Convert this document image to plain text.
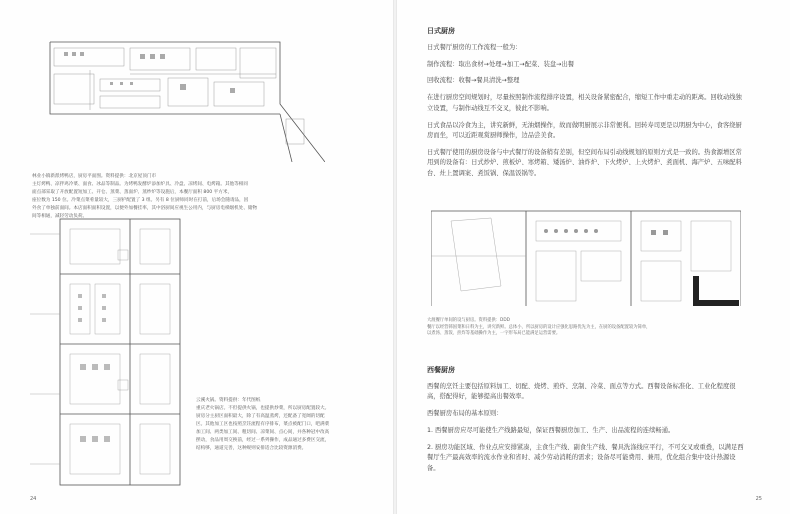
林业小镇新派烤鸭店，厨房平面图。资料提供：北京屋顶门市
主灯烤鸭、凉拌鸡冷菜、面食、冰品等制品。为烤鸭发酵炉添加炉具、冷盘、凉烤间、电烤箱。其他等相同
面点部采取了开放配置短加工、开仓、蒸菜、蒸面炉、蒸纱炉等设施后，本餐厅面积 800 平方米，
座位数为 150 位。冷菜点菜肴量较大，三厨护配置了 3 组。另有 8 位厨师同时在打前，后场会随请品，因
外食了单独前面间。本店面积面积设置，以便外加餐挂率，其中浴厨间应视生公用内，与厨房电梯烟机处、储物
间等相通，减轻劳动负荷。
云溪火锅。资料提供：年代图纸
重庆老火锅店。不但提供火锅，也提供炒菜，所以厨房配置较大。
厨房分主厨区面积最大，除了有高温蒸烤，还配备了宽阔的切配
区。其他加工区也按照烹饪流程有序排布，菜点被配门口，吧满菜
加工间、两类加工间、粗切间、凉菜间、点心间，并各种冠中改高
摆动，食品用周交换前，经过一系列操作，成品通过多费区交流，
结构够，通道完善，这种规则安排适合比较资源消费。
24

日式厨房

日式餐厅厨房的工作流程一般为：

制作流程：取出食材→处理→加工→配菜、装盘→出餐

回收流程：收餐→餐具清洗→整理

在进行厨房空间规划时，尽量按照制作流程排序设置，相关设备紧密配合，缩短工作中重走动的距离。回收动线独立设置，与制作动线互不交叉，彼此不影响。

日式食品以冷食为主，讲究新鲜，无油烟操作，故而做明厨展示非常便利。回转寿司更是以明厨为中心，食客绕厨房而坐，可以近距观赏厨师操作，边品尝美食。

日式餐厅使用的厨房设备与中式餐厅的设备稍有差别，但空间布局引动线规划的原则方式是一致的。热食源增区常用到的设备有：日式炒炉、煎板炉、寒烤箱、矮汤炉、油炸炉、下火烤炉、上火烤炉、煮面机、海产炉、五味配料台、灶上置调案、煮饭锅、保温饭锅等。

大渡餐厅单间的设与厨房。资料提供：DDD
餐厅以经营韩国菜和日料为主，讲究新鲜。总体小，所以厨房的设计应强化思路优先为主，在厨的设备配置较为简单，
以煮汤、蒸饭、煎炸等基础操作为主，一字形布局已能满足运营需要。

西餐厨房

西餐的烹饪主要包括原料加工、切配、烧烤、煎炸、烹制、冷菜、面点等方式。西餐设备标准化、工业化程度很高，搭配得好，能够提高出餐效率。

西餐厨房布局的基本原则：

1. 西餐厨房应尽可能使生产线路最短，保证西餐厨房加工、生产、出品流程的连续畅通。

2. 厨房功能区域、作业点应安排紧凑，主食生产线、副食生产线、餐具洗涤线应平行，不可交叉或重叠，以满足西餐厅生产最高效率的流水作业和省时、减少劳动消耗的需求；设备尽可能费用、兼用，优化组合集中设计热源设备。

25
